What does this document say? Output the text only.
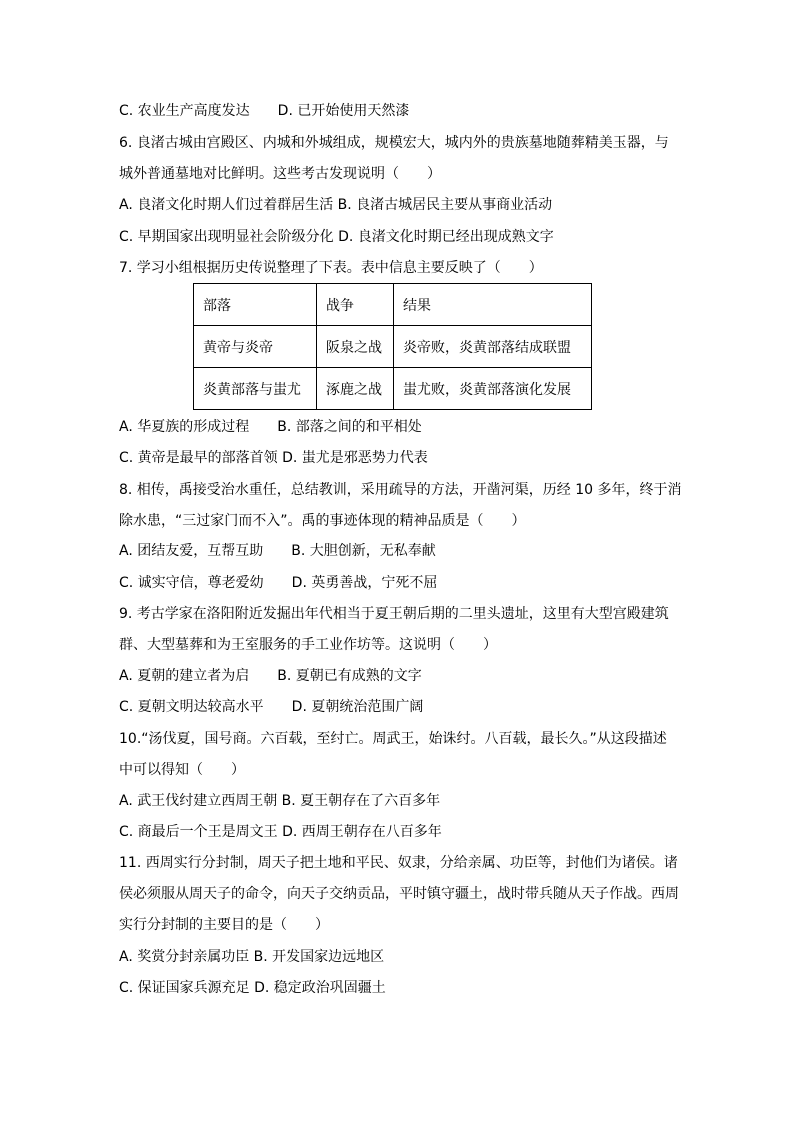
C. 农业生产高度发达　　D. 已开始使用天然漆

6. 良渚古城由宫殿区、内城和外城组成，规模宏大，城内外的贵族墓地随葬精美玉器，与

城外普通墓地对比鲜明。这些考古发现说明（　　）

A. 良渚文化时期人们过着群居生活 B. 良渚古城居民主要从事商业活动

C. 早期国家出现明显社会阶级分化 D. 良渚文化时期已经出现成熟文字

7. 学习小组根据历史传说整理了下表。表中信息主要反映了（　　）

部落	战争	结果
黄帝与炎帝	阪泉之战	炎帝败，炎黄部落结成联盟
炎黄部落与蚩尤	涿鹿之战	蚩尤败，炎黄部落演化发展

A. 华夏族的形成过程　　B. 部落之间的和平相处

C. 黄帝是最早的部落首领 D. 蚩尤是邪恶势力代表

8. 相传，禹接受治水重任，总结教训，采用疏导的方法，开凿河渠，历经 10 多年，终于消

除水患，“三过家门而不入”。禹的事迹体现的精神品质是（　　）

A. 团结友爱，互帮互助　　B. 大胆创新，无私奉献

C. 诚实守信，尊老爱幼　　D. 英勇善战，宁死不屈

9. 考古学家在洛阳附近发掘出年代相当于夏王朝后期的二里头遗址，这里有大型宫殿建筑

群、大型墓葬和为王室服务的手工业作坊等。这说明（　　）

A. 夏朝的建立者为启　　B. 夏朝已有成熟的文字

C. 夏朝文明达较高水平　　D. 夏朝统治范围广阔

10.“汤伐夏，国号商。六百载，至纣亡。周武王，始诛纣。八百载，最长久。”从这段描述

中可以得知（　　）

A. 武王伐纣建立西周王朝 B. 夏王朝存在了六百多年

C. 商最后一个王是周文王 D. 西周王朝存在八百多年

11. 西周实行分封制，周天子把土地和平民、奴隶，分给亲属、功臣等，封他们为诸侯。诸

侯必须服从周天子的命令，向天子交纳贡品，平时镇守疆土，战时带兵随从天子作战。西周

实行分封制的主要目的是（　　）

A. 奖赏分封亲属功臣 B. 开发国家边远地区

C. 保证国家兵源充足 D. 稳定政治巩固疆土
